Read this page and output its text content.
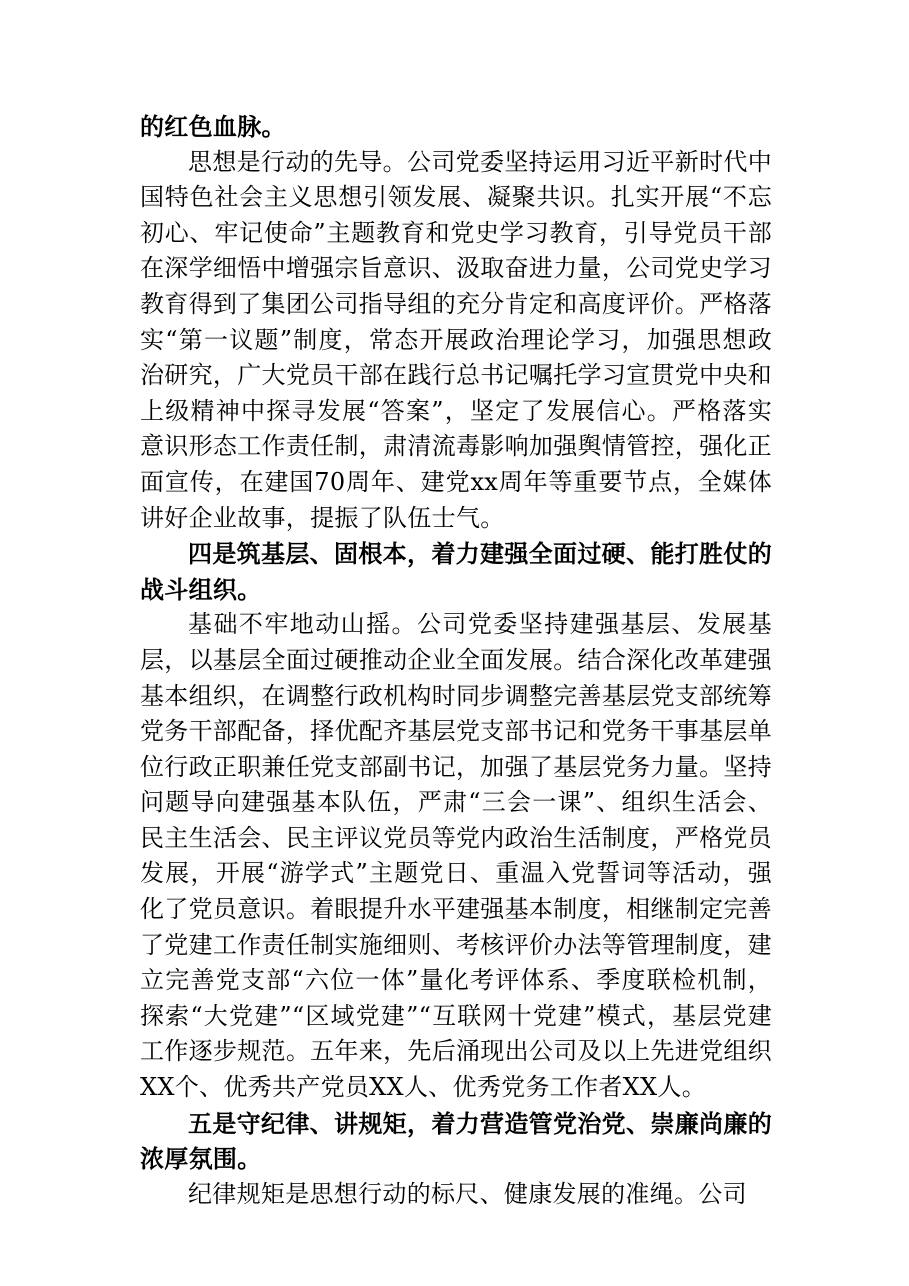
的红色血脉。

思想是行动的先导。公司党委坚持运用习近平新时代中国特色社会主义思想引领发展、凝聚共识。扎实开展“不忘初心、牢记使命”主题教育和党史学习教育，引导党员干部在深学细悟中增强宗旨意识、汲取奋进力量，公司党史学习教育得到了集团公司指导组的充分肯定和高度评价。严格落实“第一议题”制度，常态开展政治理论学习，加强思想政治研究，广大党员干部在践行总书记嘱托学习宣贯党中央和上级精神中探寻发展“答案”，坚定了发展信心。严格落实意识形态工作责任制，肃清流毒影响加强舆情管控，强化正面宣传，在建国70周年、建党xx周年等重要节点，全媒体讲好企业故事，提振了队伍士气。

四是筑基层、固根本，着力建强全面过硬、能打胜仗的战斗组织。

基础不牢地动山摇。公司党委坚持建强基层、发展基层，以基层全面过硬推动企业全面发展。结合深化改革建强基本组织，在调整行政机构时同步调整完善基层党支部统筹党务干部配备，择优配齐基层党支部书记和党务干事基层单位行政正职兼任党支部副书记，加强了基层党务力量。坚持问题导向建强基本队伍，严肃“三会一课”、组织生活会、民主生活会、民主评议党员等党内政治生活制度，严格党员发展，开展“游学式”主题党日、重温入党誓词等活动，强化了党员意识。着眼提升水平建强基本制度，相继制定完善了党建工作责任制实施细则、考核评价办法等管理制度，建立完善党支部“六位一体”量化考评体系、季度联检机制，探索“大党建”“区域党建”“互联网十党建”模式，基层党建工作逐步规范。五年来，先后涌现出公司及以上先进党组织XX个、优秀共产党员XX人、优秀党务工作者XX人。

五是守纪律、讲规矩，着力营造管党治党、崇廉尚廉的浓厚氛围。

纪律规矩是思想行动的标尺、健康发展的准绳。公司
